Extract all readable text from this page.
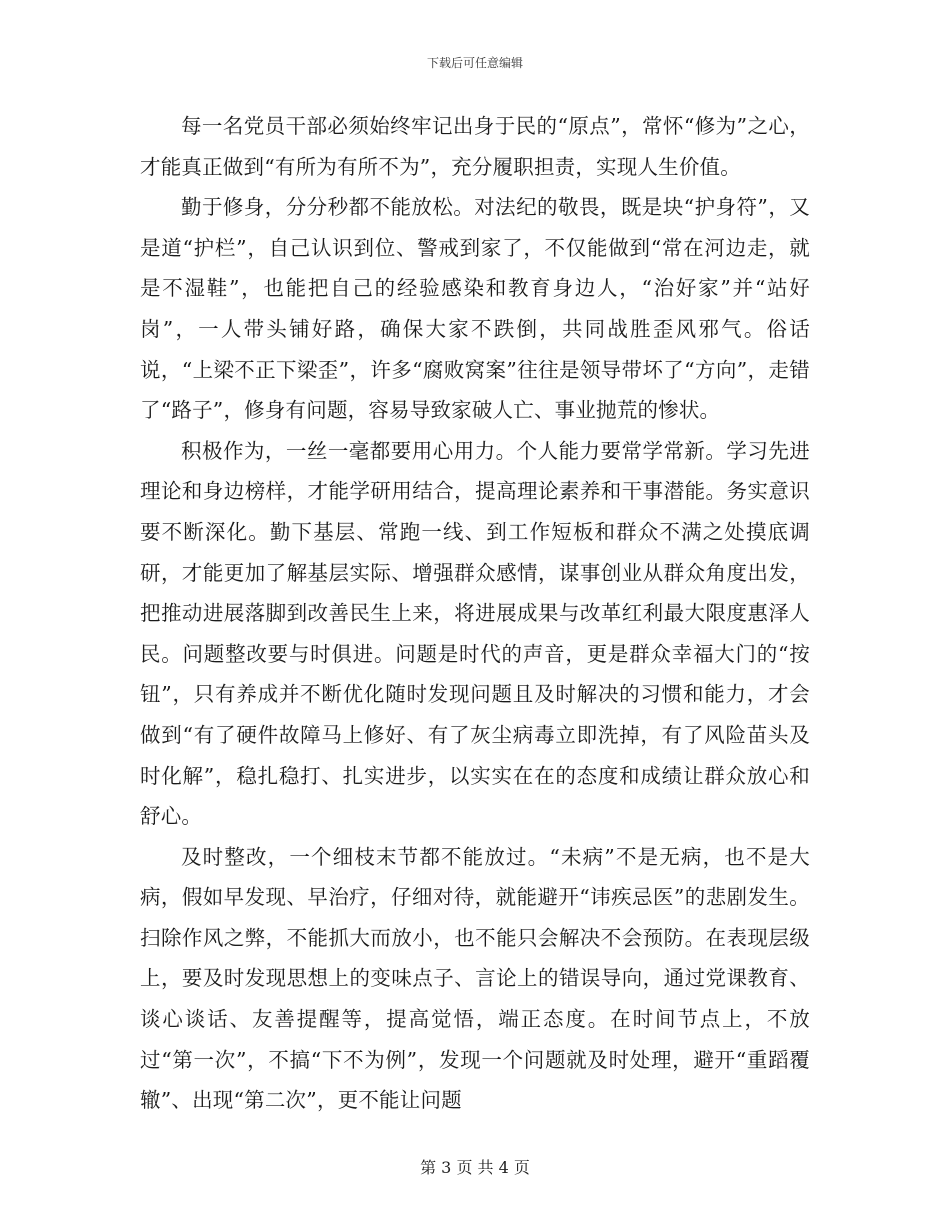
下载后可任意编辑

每一名党员干部必须始终牢记出身于民的“原点”，常怀“修为”之心，才能真正做到“有所为有所不为”，充分履职担责，实现人生价值。

勤于修身，分分秒都不能放松。对法纪的敬畏，既是块“护身符”，又是道“护栏”，自己认识到位、警戒到家了，不仅能做到“常在河边走，就是不湿鞋”，也能把自己的经验感染和教育身边人，“治好家”并“站好岗”，一人带头铺好路，确保大家不跌倒，共同战胜歪风邪气。俗话说，“上梁不正下梁歪”，许多“腐败窝案”往往是领导带坏了“方向”，走错了“路子”，修身有问题，容易导致家破人亡、事业抛荒的惨状。

积极作为，一丝一毫都要用心用力。个人能力要常学常新。学习先进理论和身边榜样，才能学研用结合，提高理论素养和干事潜能。务实意识要不断深化。勤下基层、常跑一线、到工作短板和群众不满之处摸底调研，才能更加了解基层实际、增强群众感情，谋事创业从群众角度出发，把推动进展落脚到改善民生上来，将进展成果与改革红利最大限度惠泽人民。问题整改要与时俱进。问题是时代的声音，更是群众幸福大门的“按钮”，只有养成并不断优化随时发现问题且及时解决的习惯和能力，才会做到“有了硬件故障马上修好、有了灰尘病毒立即洗掉，有了风险苗头及时化解”，稳扎稳打、扎实进步，以实实在在的态度和成绩让群众放心和舒心。

及时整改，一个细枝末节都不能放过。“未病”不是无病，也不是大病，假如早发现、早治疗，仔细对待，就能避开“讳疾忌医”的悲剧发生。扫除作风之弊，不能抓大而放小，也不能只会解决不会预防。在表现层级上，要及时发现思想上的变味点子、言论上的错误导向，通过党课教育、谈心谈话、友善提醒等，提高觉悟，端正态度。在时间节点上，不放过“第一次”，不搞“下不为例”，发现一个问题就及时处理，避开“重蹈覆辙”、出现“第二次”，更不能让问题

第 3 页 共 4 页
